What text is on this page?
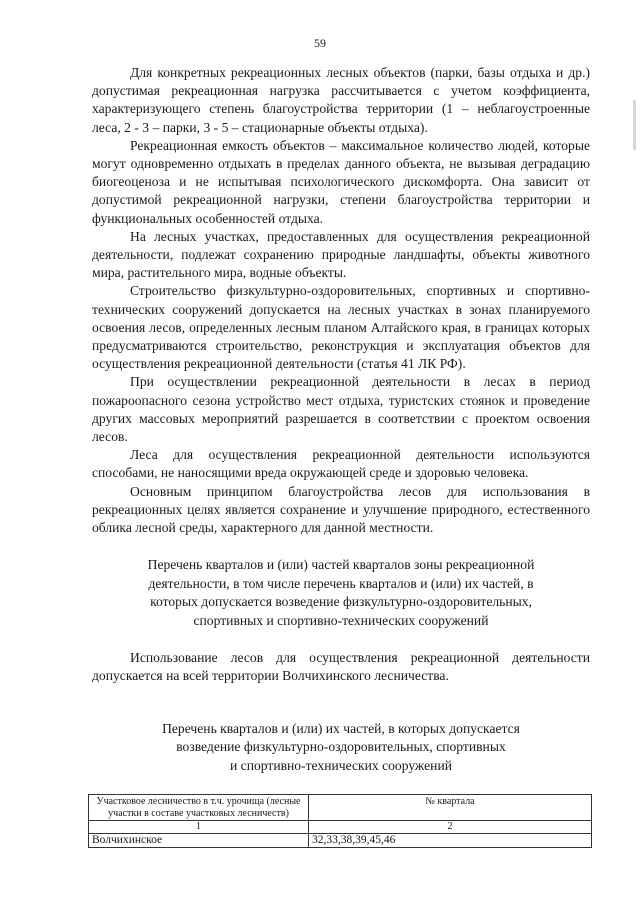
59

Для конкретных рекреационных лесных объектов (парки, базы отдыха и др.) допустимая рекреационная нагрузка рассчитывается с учетом коэффициента, характеризующего степень благоустройства территории (1 – неблагоустроенные леса, 2 - 3 – парки, 3 - 5 – стационарные объекты отдыха).

Рекреационная емкость объектов – максимальное количество людей, которые могут одновременно отдыхать в пределах данного объекта, не вызывая деградацию биогеоценоза и не испытывая психологического дискомфорта. Она зависит от допустимой рекреационной нагрузки, степени благоустройства территории и функциональных особенностей отдыха.

На лесных участках, предоставленных для осуществления рекреационной деятельности, подлежат сохранению природные ландшафты, объекты животного мира, растительного мира, водные объекты.

Строительство физкультурно-оздоровительных, спортивных и спортивно-технических сооружений допускается на лесных участках в зонах планируемого освоения лесов, определенных лесным планом Алтайского края, в границах которых предусматриваются строительство, реконструкция и эксплуатация объектов для осуществления рекреационной деятельности (статья 41 ЛК РФ).

При осуществлении рекреационной деятельности в лесах в период пожароопасного сезона устройство мест отдыха, туристских стоянок и проведение других массовых мероприятий разрешается в соответствии с проектом освоения лесов.

Леса для осуществления рекреационной деятельности используются способами, не наносящими вреда окружающей среде и здоровью человека.

Основным принципом благоустройства лесов для использования в рекреационных целях является сохранение и улучшение природного, естественного облика лесной среды, характерного для данной местности.

Перечень кварталов и (или) частей кварталов зоны рекреационной
деятельности, в том числе перечень кварталов и (или) их частей, в
которых допускается возведение физкультурно-оздоровительных,
спортивных и спортивно-технических сооружений

Использование лесов для осуществления рекреационной деятельности допускается на всей территории Волчихинского лесничества.

Перечень кварталов и (или) их частей, в которых допускается
возведение физкультурно-оздоровительных, спортивных
и спортивно-технических сооружений
Участковое лесничество в т.ч. урочища (лесные участки в составе участковых лесничеств)	№ квартала
1	2
Волчихинское	32,33,38,39,45,46
